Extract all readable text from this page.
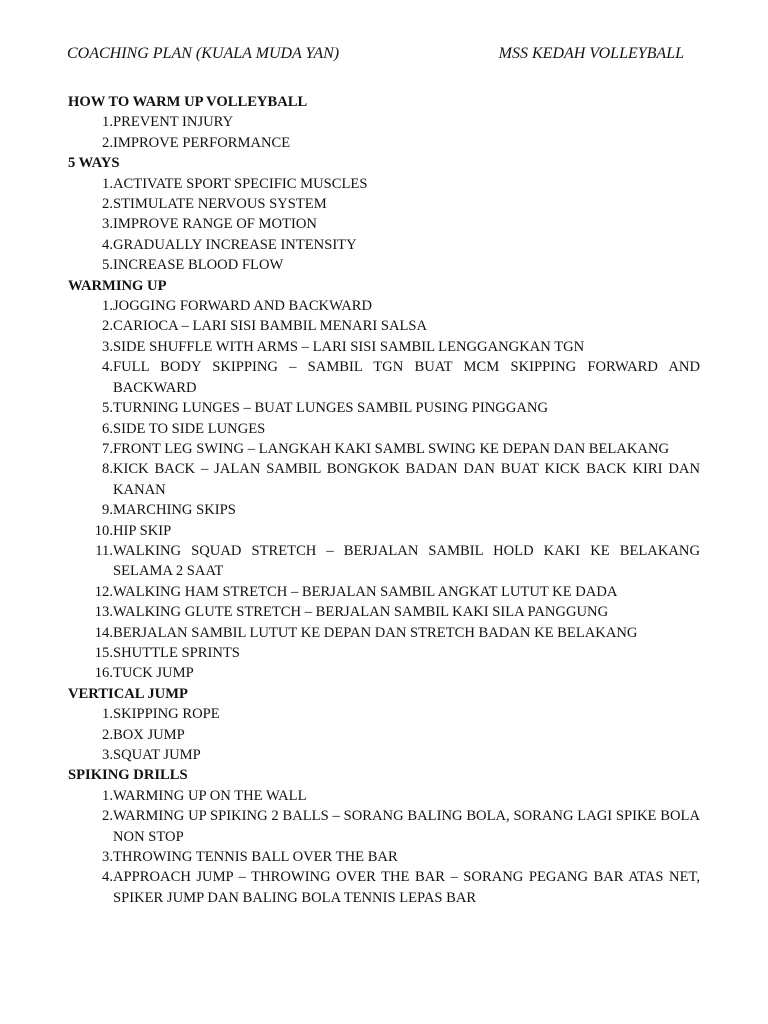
COACHING PLAN (KUALA MUDA YAN)	MSS KEDAH VOLLEYBALL
HOW TO WARM UP VOLLEYBALL
1. PREVENT INJURY
2. IMPROVE PERFORMANCE
5 WAYS
1. ACTIVATE SPORT SPECIFIC MUSCLES
2. STIMULATE NERVOUS SYSTEM
3. IMPROVE RANGE OF MOTION
4. GRADUALLY INCREASE INTENSITY
5. INCREASE BLOOD FLOW
WARMING UP
1. JOGGING FORWARD AND BACKWARD
2. CARIOCA – LARI SISI BAMBIL MENARI SALSA
3. SIDE SHUFFLE WITH ARMS – LARI SISI SAMBIL LENGGANGKAN TGN
4. FULL BODY SKIPPING – SAMBIL TGN BUAT MCM SKIPPING FORWARD AND BACKWARD
5. TURNING LUNGES – BUAT LUNGES SAMBIL PUSING PINGGANG
6. SIDE TO SIDE LUNGES
7. FRONT LEG SWING – LANGKAH KAKI SAMBL SWING KE DEPAN DAN BELAKANG
8. KICK BACK – JALAN SAMBIL BONGKOK BADAN DAN BUAT KICK BACK KIRI DAN KANAN
9. MARCHING SKIPS
10. HIP SKIP
11. WALKING SQUAD STRETCH – BERJALAN SAMBIL HOLD KAKI KE BELAKANG SELAMA 2 SAAT
12. WALKING HAM STRETCH – BERJALAN SAMBIL ANGKAT LUTUT KE DADA
13. WALKING GLUTE STRETCH – BERJALAN SAMBIL KAKI SILA PANGGUNG
14. BERJALAN SAMBIL LUTUT KE DEPAN DAN STRETCH BADAN KE BELAKANG
15. SHUTTLE SPRINTS
16. TUCK JUMP
VERTICAL JUMP
1. SKIPPING ROPE
2. BOX JUMP
3. SQUAT JUMP
SPIKING DRILLS
1. WARMING UP ON THE WALL
2. WARMING UP SPIKING 2 BALLS – SORANG BALING BOLA, SORANG LAGI SPIKE BOLA NON STOP
3. THROWING TENNIS BALL OVER THE BAR
4. APPROACH JUMP – THROWING OVER THE BAR – SORANG PEGANG BAR ATAS NET, SPIKER JUMP DAN BALING BOLA TENNIS LEPAS BAR
